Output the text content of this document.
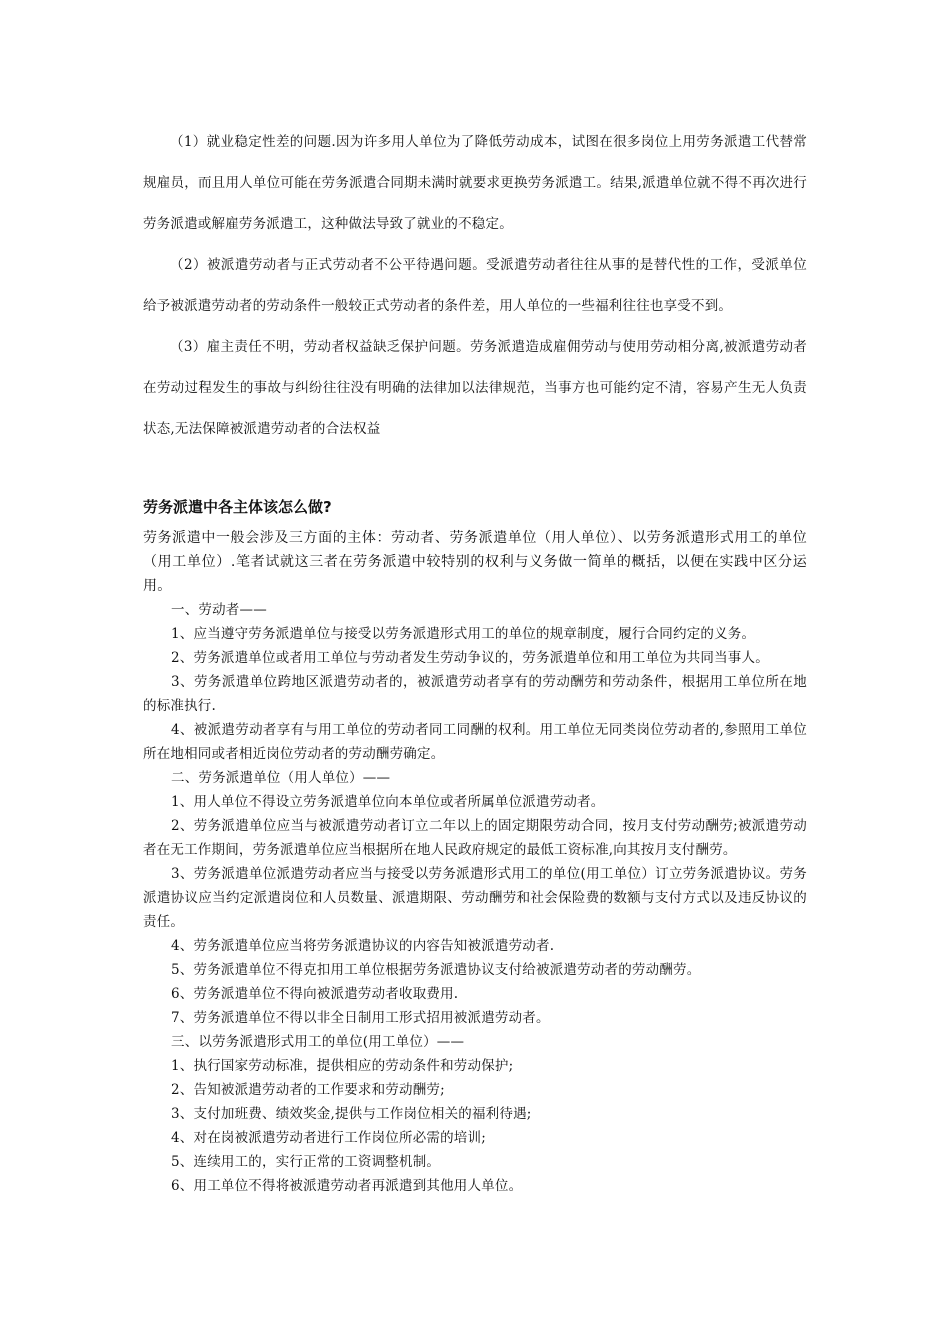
（1）就业稳定性差的问题.因为许多用人单位为了降低劳动成本，试图在很多岗位上用劳务派遣工代替常规雇员，而且用人单位可能在劳务派遣合同期未满时就要求更换劳务派遣工。结果,派遣单位就不得不再次进行劳务派遣或解雇劳务派遣工，这种做法导致了就业的不稳定。

（2）被派遣劳动者与正式劳动者不公平待遇问题。受派遣劳动者往往从事的是替代性的工作，受派单位给予被派遣劳动者的劳动条件一般较正式劳动者的条件差，用人单位的一些福利往往也享受不到。

（3）雇主责任不明，劳动者权益缺乏保护问题。劳务派遣造成雇佣劳动与使用劳动相分离,被派遣劳动者在劳动过程发生的事故与纠纷往往没有明确的法律加以法律规范，当事方也可能约定不清，容易产生无人负责状态,无法保障被派遣劳动者的合法权益

劳务派遣中各主体该怎么做?

劳务派遣中一般会涉及三方面的主体：劳动者、劳务派遣单位（用人单位）、以劳务派遣形式用工的单位（用工单位）.笔者试就这三者在劳务派遣中较特别的权利与义务做一简单的概括，以便在实践中区分运用。

一、劳动者——

1、应当遵守劳务派遣单位与接受以劳务派遣形式用工的单位的规章制度，履行合同约定的义务。

2、劳务派遣单位或者用工单位与劳动者发生劳动争议的，劳务派遣单位和用工单位为共同当事人。

3、劳务派遣单位跨地区派遣劳动者的，被派遣劳动者享有的劳动酬劳和劳动条件，根据用工单位所在地的标准执行.

4、被派遣劳动者享有与用工单位的劳动者同工同酬的权利。用工单位无同类岗位劳动者的,参照用工单位所在地相同或者相近岗位劳动者的劳动酬劳确定。

二、劳务派遣单位（用人单位）——

1、用人单位不得设立劳务派遣单位向本单位或者所属单位派遣劳动者。

2、劳务派遣单位应当与被派遣劳动者订立二年以上的固定期限劳动合同，按月支付劳动酬劳;被派遣劳动者在无工作期间，劳务派遣单位应当根据所在地人民政府规定的最低工资标准,向其按月支付酬劳。

3、劳务派遣单位派遣劳动者应当与接受以劳务派遣形式用工的单位(用工单位）订立劳务派遣协议。劳务派遣协议应当约定派遣岗位和人员数量、派遣期限、劳动酬劳和社会保险费的数额与支付方式以及违反协议的责任。

4、劳务派遣单位应当将劳务派遣协议的内容告知被派遣劳动者.

5、劳务派遣单位不得克扣用工单位根据劳务派遣协议支付给被派遣劳动者的劳动酬劳。

6、劳务派遣单位不得向被派遣劳动者收取费用.

7、劳务派遣单位不得以非全日制用工形式招用被派遣劳动者。

三、以劳务派遣形式用工的单位(用工单位）——

1、执行国家劳动标准，提供相应的劳动条件和劳动保护;

2、告知被派遣劳动者的工作要求和劳动酬劳;

3、支付加班费、绩效奖金,提供与工作岗位相关的福利待遇;

4、对在岗被派遣劳动者进行工作岗位所必需的培训;

5、连续用工的，实行正常的工资调整机制。

6、用工单位不得将被派遣劳动者再派遣到其他用人单位。
